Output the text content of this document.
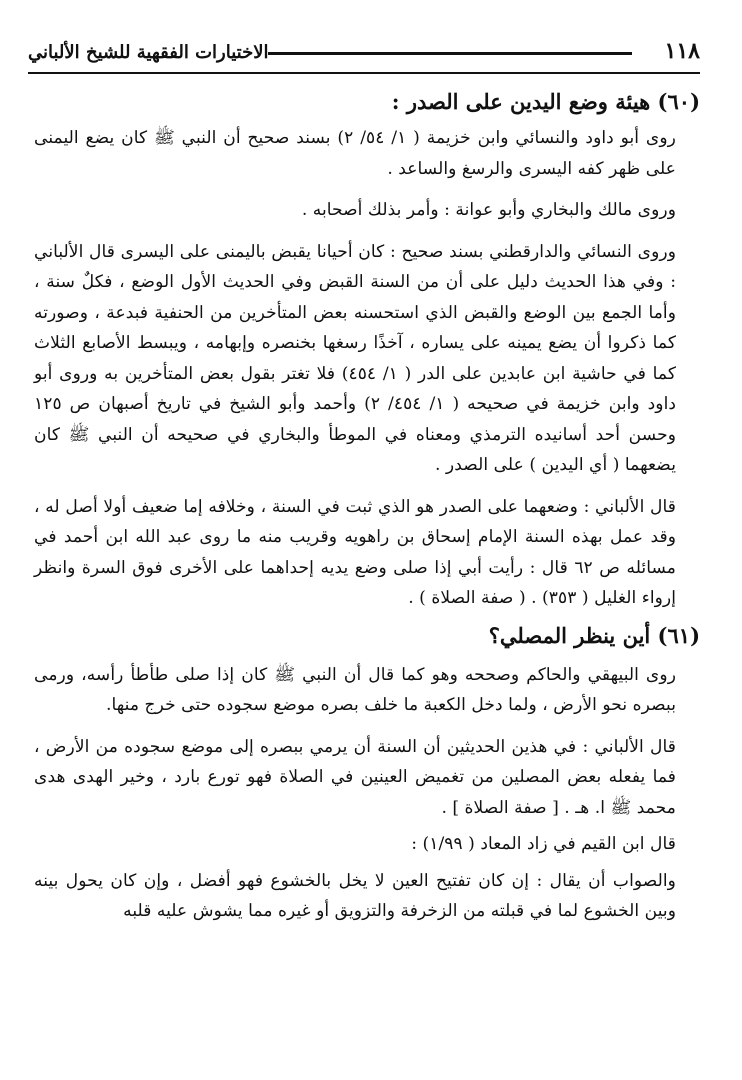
١١٨
الاختيارات الفقهية للشيخ الألباني
(٦٠) هيئة وضع اليدين على الصدر :

روى أبو داود والنسائي وابن خزيمة ( ١/ ٥٤/ ٢) بسند صحيح أن النبي ﷺ كان يضع اليمنى على ظهر كفه اليسرى والرسغ والساعد .

وروى مالك والبخاري وأبو عوانة : وأمر بذلك أصحابه .

وروى النسائي والدارقطني بسند صحيح : كان أحيانا يقبض باليمنى على اليسرى قال الألباني : وفي هذا الحديث دليل على أن من السنة القبض وفي الحديث الأول الوضع ، فكلٌ سنة ، وأما الجمع بين الوضع والقبض الذي استحسنه بعض المتأخرين من الحنفية فبدعة ، وصورته كما ذكروا أن يضع يمينه على يساره ، آخذًا رسغها بخنصره وإبهامه ، ويبسط الأصابع الثلاث كما في حاشية ابن عابدين على الدر ( ١/ ٤٥٤) فلا تغتر بقول بعض المتأخرين به وروى أبو داود وابن خزيمة في صحيحه ( ١/ ٤٥٤/ ٢) وأحمد وأبو الشيخ في تاريخ أصبهان ص ١٢٥ وحسن أحد أسانيده الترمذي ومعناه في الموطأ والبخاري في صحيحه أن النبي ﷺ كان يضعهما ( أي اليدين ) على الصدر .

قال الألباني : وضعهما على الصدر هو الذي ثبت في السنة ، وخلافه إما ضعيف أولا أصل له ، وقد عمل بهذه السنة الإمام إسحاق بن راهويه وقريب منه ما روى عبد الله ابن أحمد في مسائله ص ٦٢ قال : رأيت أبي إذا صلى وضع يديه إحداهما على الأخرى فوق السرة وانظر إرواء الغليل ( ٣٥٣) . ( صفة الصلاة ) .

(٦١) أين ينظر المصلي؟

روى البيهقي والحاكم وصححه وهو كما قال أن النبي ﷺ كان إذا صلى طأطأ رأسه، ورمى ببصره نحو الأرض ، ولما دخل الكعبة ما خلف بصره موضع سجوده حتى خرج منها.

قال الألباني : في هذين الحديثين أن السنة أن يرمي ببصره إلى موضع سجوده من الأرض ، فما يفعله بعض المصلين من تغميض العينين في الصلاة فهو تورع بارد ، وخير الهدى هدى محمد ﷺ ا. هـ . [ صفة الصلاة ] .

قال ابن القيم في زاد المعاد ( ١/٩٩) :

والصواب أن يقال : إن كان تفتيح العين لا يخل بالخشوع فهو أفضل ، وإن كان يحول بينه وبين الخشوع لما في قبلته من الزخرفة والتزويق أو غيره مما يشوش عليه قلبه
